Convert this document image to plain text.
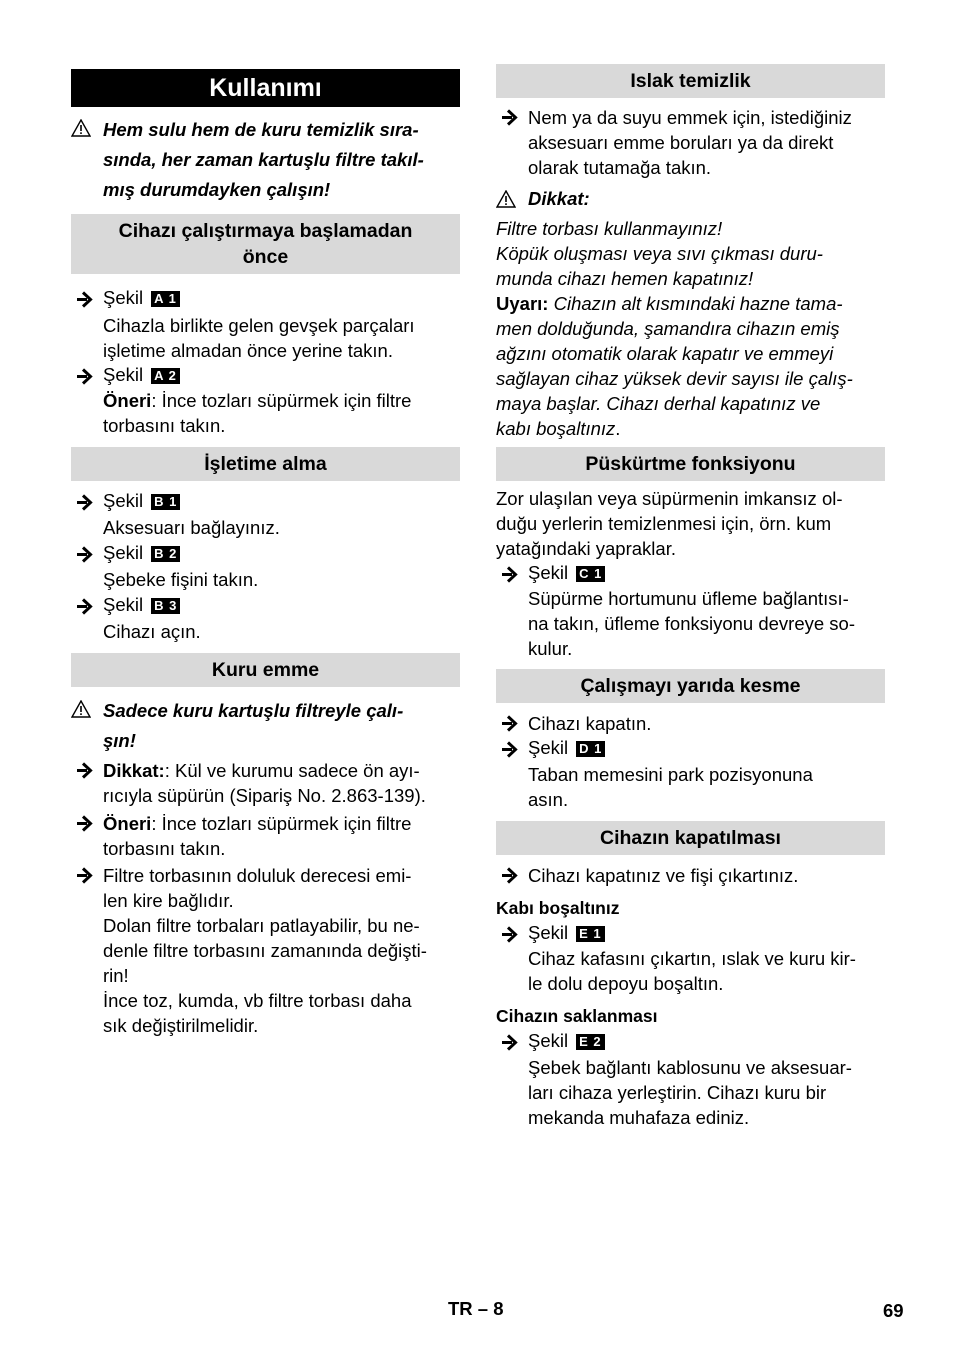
Kullanımı
Hem sulu hem de kuru temizlik sıra-
sında, her zaman kartuşlu filtre takıl-
mış durumdayken çalışın!
Cihazı çalıştırmaya başlamadan
önce
Şekil A 1
Cihazla birlikte gelen gevşek parçaları
işletime almadan önce yerine takın.
Şekil A 2
Öneri: İnce tozları süpürmek için filtre
torbasını takın.
İşletime alma
Şekil B 1
Aksesuarı bağlayınız.
Şekil B 2
Şebeke fişini takın.
Şekil B 3
Cihazı açın.
Kuru emme
Sadece kuru kartuşlu filtreyle çalı-
şın!
Dikkat:: Kül ve kurumu sadece ön ayı-
rıcıyla süpürün (Sipariş No. 2.863-139).
Öneri: İnce tozları süpürmek için filtre
torbasını takın.
Filtre torbasının doluluk derecesi emi-
len kire bağlıdır.
Dolan filtre torbaları patlayabilir, bu ne-
denle filtre torbasını zamanında değişti-
rin!
İnce toz, kumda, vb filtre torbası daha
sık değiştirilmelidir.
Islak temizlik
Nem ya da suyu emmek için, istediğiniz
aksesuarı emme boruları ya da direkt
olarak tutamağa takın.
Dikkat:
Filtre torbası kullanmayınız!
Köpük oluşması veya sıvı çıkması duru-
munda cihazı hemen kapatınız!
Uyarı: Cihazın alt kısmındaki hazne tama-
men dolduğunda, şamandıra cihazın emiş
ağzını otomatik olarak kapatır ve emmeyi
sağlayan cihaz yüksek devir sayısı ile çalış-
maya başlar. Cihazı derhal kapatınız ve
kabı boşaltınız.
Püskürtme fonksiyonu
Zor ulaşılan veya süpürmenin imkansız ol-
duğu yerlerin temizlenmesi için, örn. kum
yatağındaki yapraklar.
Şekil C 1
Süpürme hortumunu üfleme bağlantısı-
na takın, üfleme fonksiyonu devreye so-
kulur.
Çalışmayı yarıda kesme
Cihazı kapatın.
Şekil D 1
Taban memesini park pozisyonuna
asın.
Cihazın kapatılması
Cihazı kapatınız ve fişi çıkartınız.
Kabı boşaltınız
Şekil E 1
Cihaz kafasını çıkartın, ıslak ve kuru kir-
le dolu depoyu boşaltın.
Cihazın saklanması
Şekil E 2
Şebek bağlantı kablosunu ve aksesuar-
ları cihaza yerleştirin. Cihazı kuru bir
mekanda muhafaza ediniz.
TR – 8	69
